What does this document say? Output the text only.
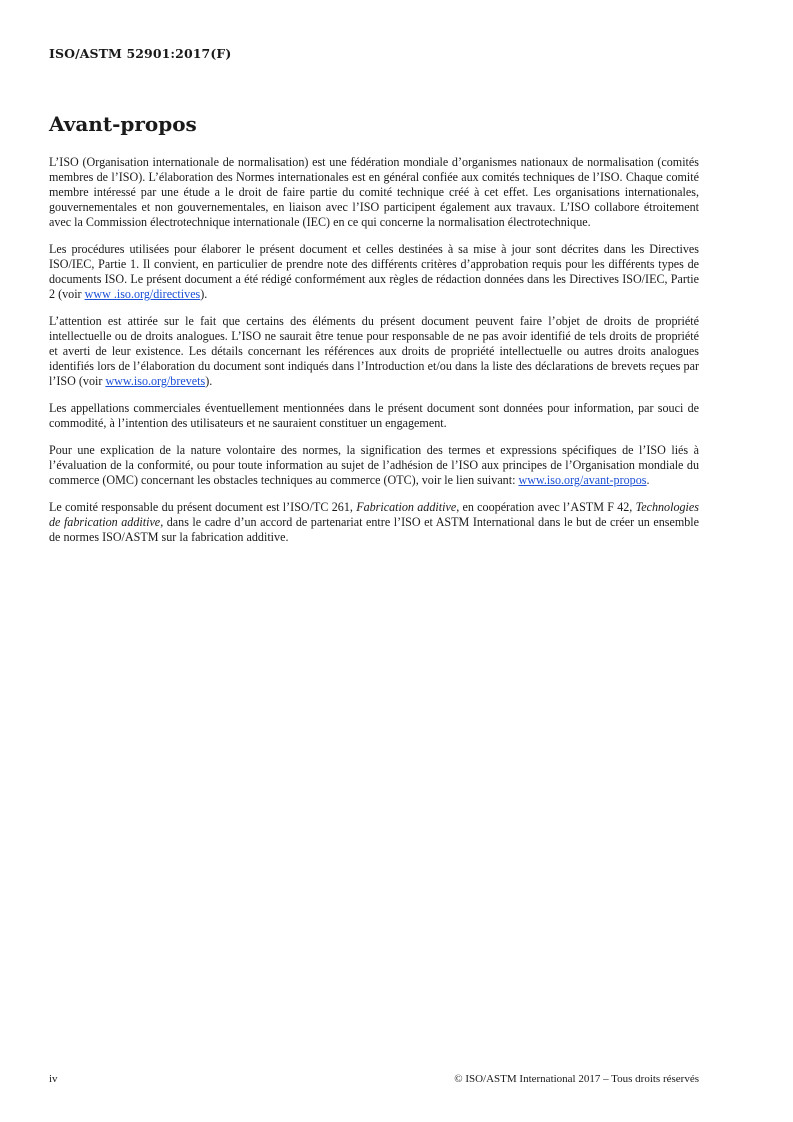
ISO/ASTM 52901:2017(F)
Avant-propos

L’ISO (Organisation internationale de normalisation) est une fédération mondiale d’organismes nationaux de normalisation (comités membres de l’ISO). L’élaboration des Normes internationales est en général confiée aux comités techniques de l’ISO. Chaque comité membre intéressé par une étude a le droit de faire partie du comité technique créé à cet effet. Les organisations internationales, gouvernementales et non gouvernementales, en liaison avec l’ISO participent également aux travaux. L’ISO collabore étroitement avec la Commission électrotechnique internationale (IEC) en ce qui concerne la normalisation électrotechnique.

Les procédures utilisées pour élaborer le présent document et celles destinées à sa mise à jour sont décrites dans les Directives ISO/IEC, Partie 1. Il convient, en particulier de prendre note des différents critères d’approbation requis pour les différents types de documents ISO. Le présent document a été rédigé conformément aux règles de rédaction données dans les Directives ISO/IEC, Partie 2 (voir www .iso.org/directives).

L’attention est attirée sur le fait que certains des éléments du présent document peuvent faire l’objet de droits de propriété intellectuelle ou de droits analogues. L’ISO ne saurait être tenue pour responsable de ne pas avoir identifié de tels droits de propriété et averti de leur existence. Les détails concernant les références aux droits de propriété intellectuelle ou autres droits analogues identifiés lors de l’élaboration du document sont indiqués dans l’Introduction et/ou dans la liste des déclarations de brevets reçues par l’ISO (voir www.iso.org/brevets).

Les appellations commerciales éventuellement mentionnées dans le présent document sont données pour information, par souci de commodité, à l’intention des utilisateurs et ne sauraient constituer un engagement.

Pour une explication de la nature volontaire des normes, la signification des termes et expressions spécifiques de l’ISO liés à l’évaluation de la conformité, ou pour toute information au sujet de l’adhésion de l’ISO aux principes de l’Organisation mondiale du commerce (OMC) concernant les obstacles techniques au commerce (OTC), voir le lien suivant: www.iso.org/avant-propos.

Le comité responsable du présent document est l’ISO/TC 261, Fabrication additive, en coopération avec l’ASTM F 42, Technologies de fabrication additive, dans le cadre d’un accord de partenariat entre l’ISO et ASTM International dans le but de créer un ensemble de normes ISO/ASTM sur la fabrication additive.

iv	© ISO/ASTM International 2017 – Tous droits réservés
